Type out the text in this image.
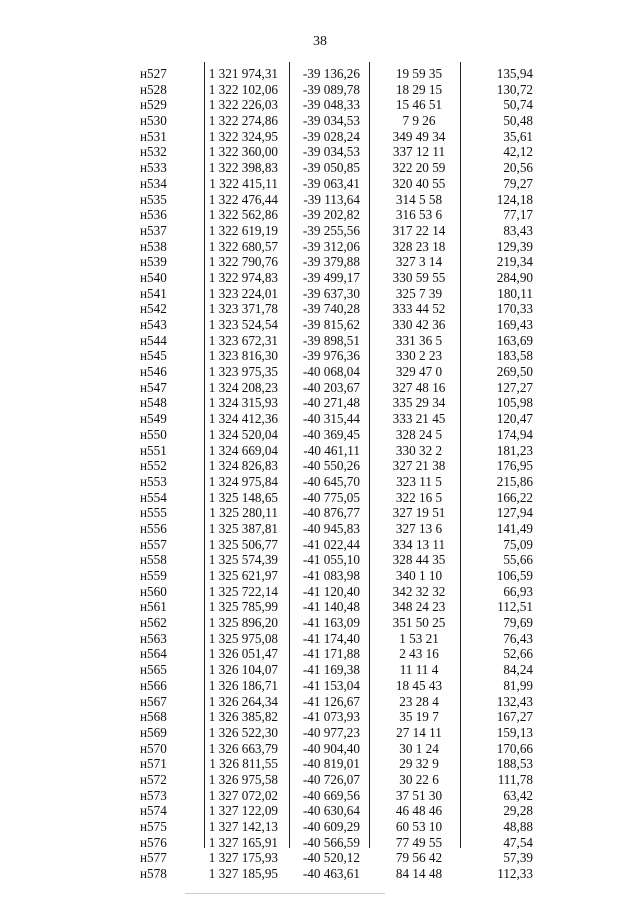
38
н527	1 321 974,31 -39 136,26	19 59 35	135,94
н528	1 322 102,06 -39 089,78	18 29 15	130,72
н529	1 322 226,03 -39 048,33	15 46 51	50,74
н530	1 322 274,86 -39 034,53	7 9 26	50,48
н531	1 322 324,95 -39 028,24	349 49 34	35,61
н532	1 322 360,00 -39 034,53	337 12 11	42,12
н533	1 322 398,83 -39 050,85	322 20 59	20,56
н534	1 322 415,11 -39 063,41	320 40 55	79,27
н535	1 322 476,44 -39 113,64	314 5 58	124,18
н536	1 322 562,86 -39 202,82	316 53 6	77,17
н537	1 322 619,19 -39 255,56	317 22 14	83,43
н538	1 322 680,57 -39 312,06	328 23 18	129,39
н539	1 322 790,76 -39 379,88	327 3 14	219,34
н540	1 322 974,83 -39 499,17	330 59 55	284,90
н541	1 323 224,01 -39 637,30	325 7 39	180,11
н542	1 323 371,78 -39 740,28	333 44 52	170,33
н543	1 323 524,54 -39 815,62	330 42 36	169,43
н544	1 323 672,31 -39 898,51	331 36 5	163,69
н545	1 323 816,30 -39 976,36	330 2 23	183,58
н546	1 323 975,35 -40 068,04	329 47 0	269,50
н547	1 324 208,23 -40 203,67	327 48 16	127,27
н548	1 324 315,93 -40 271,48	335 29 34	105,98
н549	1 324 412,36 -40 315,44	333 21 45	120,47
н550	1 324 520,04 -40 369,45	328 24 5	174,94
н551	1 324 669,04 -40 461,11	330 32 2	181,23
н552	1 324 826,83 -40 550,26	327 21 38	176,95
н553	1 324 975,84 -40 645,70	323 11 5	215,86
н554	1 325 148,65 -40 775,05	322 16 5	166,22
н555	1 325 280,11 -40 876,77	327 19 51	127,94
н556	1 325 387,81 -40 945,83	327 13 6	141,49
н557	1 325 506,77 -41 022,44	334 13 11	75,09
н558	1 325 574,39 -41 055,10	328 44 35	55,66
н559	1 325 621,97 -41 083,98	340 1 10	106,59
н560	1 325 722,14 -41 120,40	342 32 32	66,93
н561	1 325 785,99 -41 140,48	348 24 23	112,51
н562	1 325 896,20 -41 163,09	351 50 25	79,69
н563	1 325 975,08 -41 174,40	1 53 21	76,43
н564	1 326 051,47 -41 171,88	2 43 16	52,66
н565	1 326 104,07 -41 169,38	11 11 4	84,24
н566	1 326 186,71 -41 153,04	18 45 43	81,99
н567	1 326 264,34 -41 126,67	23 28 4	132,43
н568	1 326 385,82 -41 073,93	35 19 7	167,27
н569	1 326 522,30 -40 977,23	27 14 11	159,13
н570	1 326 663,79 -40 904,40	30 1 24	170,66
н571	1 326 811,55 -40 819,01	29 32 9	188,53
н572	1 326 975,58 -40 726,07	30 22 6	111,78
н573	1 327 072,02 -40 669,56	37 51 30	63,42
н574	1 327 122,09 -40 630,64	46 48 46	29,28
н575	1 327 142,13 -40 609,29	60 53 10	48,88
н576	1 327 165,91 -40 566,59	77 49 55	47,54
н577	1 327 175,93 -40 520,12	79 56 42	57,39
н578	1 327 185,95 -40 463,61	84 14 48	112,33
